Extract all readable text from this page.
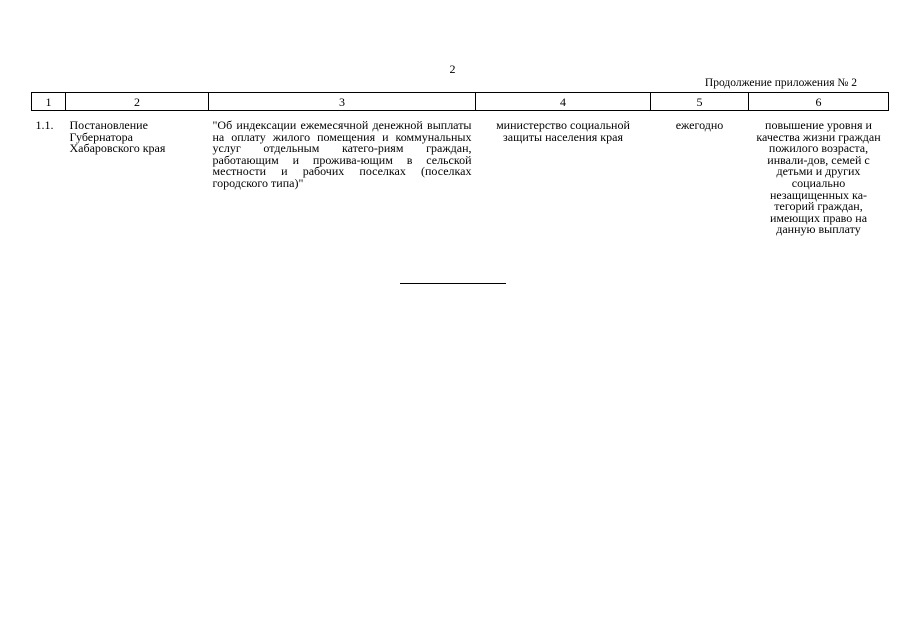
2
Продолжение приложения № 2
1	2	3	4	5	6
1.1.	Постановление Губернатора Хабаровского края	"Об индексации ежемесячной денежной выплаты на оплату жилого помещения и коммунальных услуг отдельным катего-риям граждан, работающим и прожива-ющим в сельской местности и рабочих поселках (поселках городского типа)"	министерство социальной защиты населения края	ежегодно	повышение уровня и качества жизни граждан пожилого возраста, инвали-дов, семей с детьми и других социально незащищенных ка-тегорий граждан, имеющих право на данную выплату
